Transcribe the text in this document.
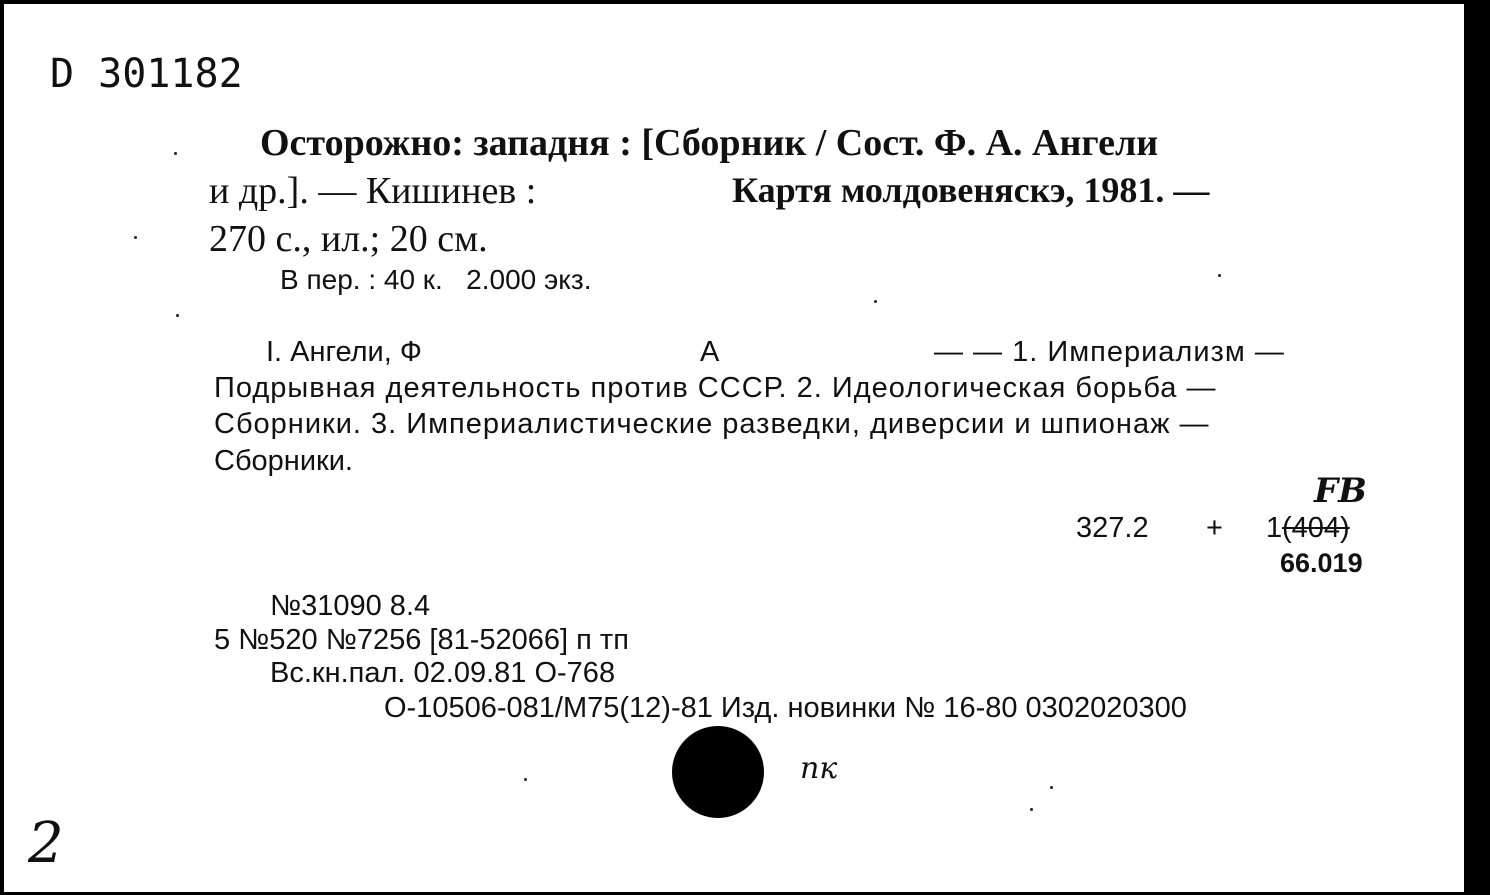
D 301182
Осторожно: западня : [Сборник / Сост. Ф. А. Ангели
и др.]. — Кишинев :	Картя молдовеняскэ, 1981. —
270 с., ил.; 20 см.
В пер. : 40 к.   2.000 экз.
I. Ангели, Ф	А	— — 1. Империализм —
Подрывная деятельность против СССР. 2. Идеологическая борьба —
Сборники. 3. Империалистические разведки, диверсии и шпионаж —
Сборники.
FB
327.2 + 1 (404)
66.019
№31090 8.4
5 №520 №7256 [81-52066] п тп
Вс.кн.пал. 02.09.81 О-768
О-10506-081/М75(12)-81 Изд. новинки № 16-80 0302020300
пк
2
